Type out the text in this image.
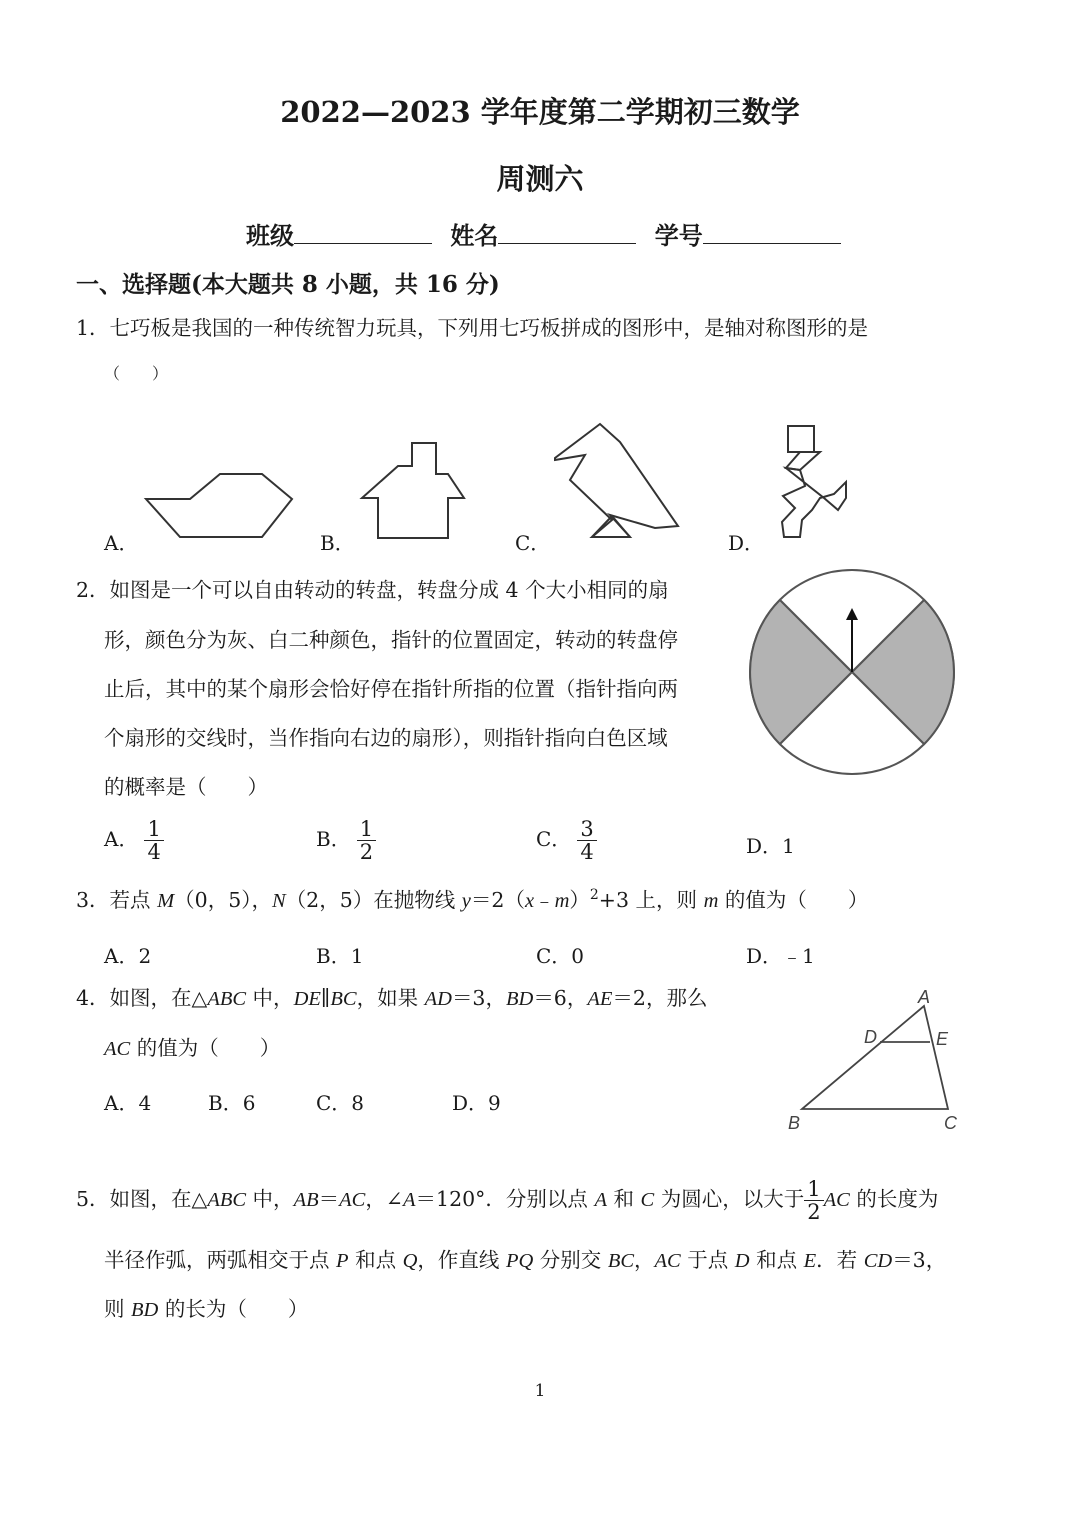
2022—2023 学年度第二学期初三数学
周测六
班级	姓名	学号
一、选择题(本大题共 8 小题，共 16 分)
1．七巧板是我国的一种传统智力玩具，下列用七巧板拼成的图形中，是轴对称图形的是
（　　）
A．	B．	C．	D．
2．如图是一个可以自由转动的转盘，转盘分成 4 个大小相同的扇
形，颜色分为灰、白二种颜色，指针的位置固定，转动的转盘停
止后，其中的某个扇形会恰好停在指针所指的位置（指针指向两
个扇形的交线时，当作指向右边的扇形），则指针指向白色区域
的概率是（　　）
A． $\frac{1}{4}$	B． $\frac{1}{2}$	C． $\frac{3}{4}$	D．1
3．若点 M（0，5），N（2，5）在抛物线 y＝2（x﹣m）$^2$+3 上，则 m 的值为（　　）
A．2	B．1	C．0	D．﹣1
4．如图，在△ABC 中，DE∥BC，如果 AD＝3，BD＝6，AE＝2，那么
AC 的值为（　　）
A．4	B．6	C．8	D．9
A
D	E
B	C
5．如图，在△ABC 中，AB＝AC，∠A＝120°．分别以点 A 和 C 为圆心，以大于 $\frac{1}{2}$ AC 的长度为
半径作弧，两弧相交于点 P 和点 Q，作直线 PQ 分别交 BC，AC 于点 D 和点 E．若 CD＝3，
则 BD 的长为（　　）
1
